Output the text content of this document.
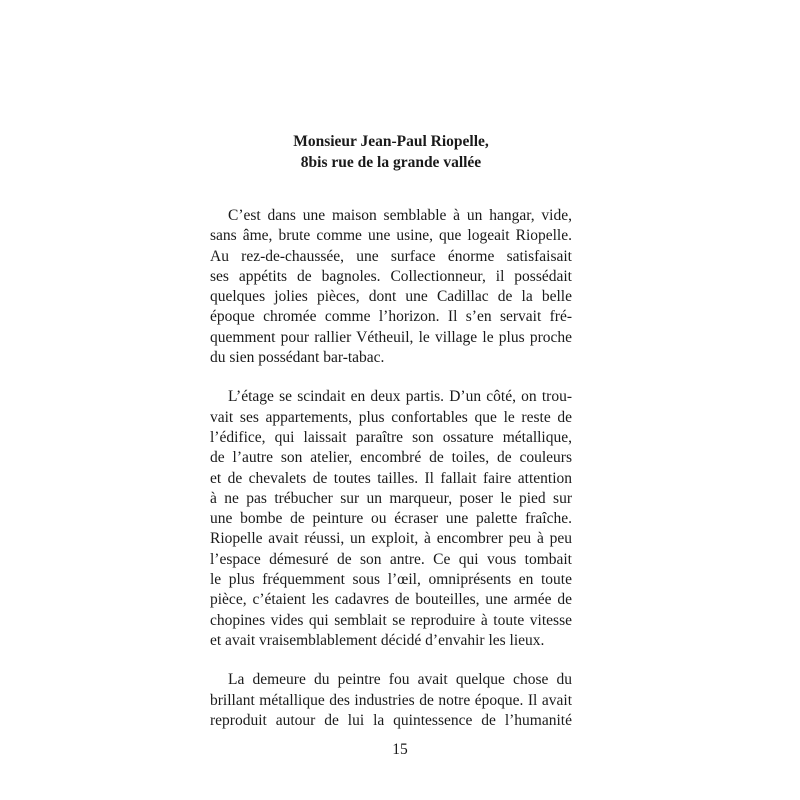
Monsieur Jean-Paul Riopelle,
8bis rue de la grande vallée
C’est dans une maison semblable à un hangar, vide,
sans âme, brute comme une usine, que logeait Riopelle.
Au rez-de-chaussée, une surface énorme satisfaisait
ses appétits de bagnoles. Collectionneur, il possédait
quelques jolies pièces, dont une Cadillac de la belle
époque chromée comme l’horizon. Il s’en servait fré-
quemment pour rallier Vétheuil, le village le plus proche
du sien possédant bar-tabac.
L’étage se scindait en deux partis. D’un côté, on trou-
vait ses appartements, plus confortables que le reste de
l’édifice, qui laissait paraître son ossature métallique,
de l’autre son atelier, encombré de toiles, de couleurs
et de chevalets de toutes tailles. Il fallait faire attention
à ne pas trébucher sur un marqueur, poser le pied sur
une bombe de peinture ou écraser une palette fraîche.
Riopelle avait réussi, un exploit, à encombrer peu à peu
l’espace démesuré de son antre. Ce qui vous tombait
le plus fréquemment sous l’œil, omniprésents en toute
pièce, c’étaient les cadavres de bouteilles, une armée de
chopines vides qui semblait se reproduire à toute vitesse
et avait vraisemblablement décidé d’envahir les lieux.
La demeure du peintre fou avait quelque chose du
brillant métallique des industries de notre époque. Il avait
reproduit autour de lui la quintessence de l’humanité
15
